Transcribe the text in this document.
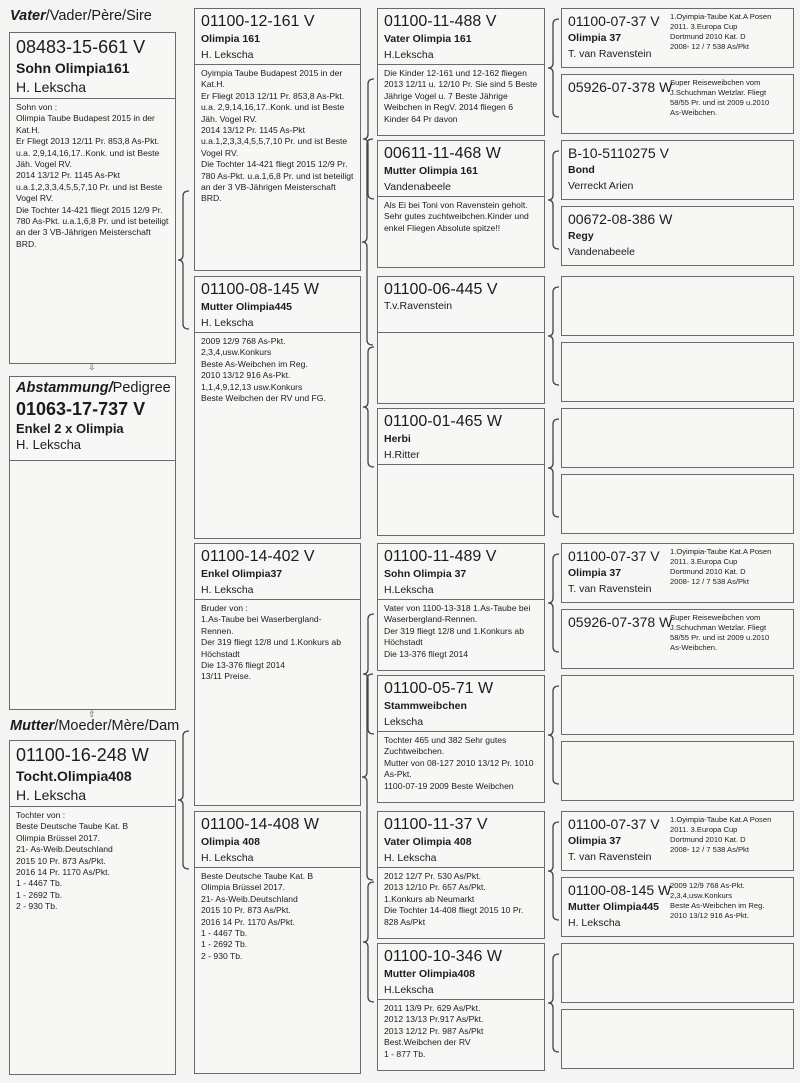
Vater/Vader/Père/Sire
08483-15-661 V
Sohn Olimpia161
H. Lekscha
Sohn von :
Olimpia Taube Budapest 2015 in der Kat.H.
Er Fliegt 2013 12/11 Pr. 853,8 As-Pkt. u.a. 2,9,14,16,17..Konk. und ist Beste Jäh. Vogel RV.
2014 13/12 Pr. 1145 As-Pkt u.a.1,2,3,3,4,5,5,7,10 Pr. und ist Beste Vogel RV.
Die Tochter 14-421 fliegt 2015 12/9 Pr. 780 As-Pkt. u.a.1,6,8 Pr. und ist beteiligt an der 3 VB-Jährigen Meisterschaft BRD.
⇩
Abstammung/Pedigree
01063-17-737 V
Enkel 2 x Olimpia
H. Lekscha
⇧
Mutter/Moeder/Mère/Dam
01100-16-248 W
Tocht.Olimpia408
H. Lekscha
Tochter von :
Beste Deutsche Taube Kat. B
Olimpia Brüssel 2017.
21- As-Weib.Deutschland
2015 10 Pr. 873 As/Pkt.
2016 14 Pr. 1170 As/Pkt.
1 - 4467 Tb.
1 - 2692 Tb.
2 - 930 Tb.
01100-12-161 V
Olimpia 161
H. Lekscha
Oyimpia Taube Budapest 2015 in der Kat.H.
Er Fliegt 2013 12/11 Pr. 853,8 As-Pkt. u.a. 2,9,14,16,17..Konk. und ist Beste Jäh. Vogel RV.
2014 13/12 Pr. 1145 As-Pkt u.a.1,2,3,3,4,5,5,7,10 Pr. und ist Beste Vogel RV.
Die Tochter 14-421 fliegt 2015 12/9 Pr. 780 As-Pkt. u.a.1,6,8 Pr. und ist beteiligt an der 3 VB-Jährigen Meisterschaft BRD.
01100-08-145 W
Mutter Olimpia445
H. Lekscha
2009 12/9 768 As-Pkt.
2,3,4,usw.Konkurs
Beste As-Weibchen im Reg.
2010 13/12 916 As-Pkt.
1,1,4,9,12,13 usw.Konkurs
Beste Weibchen der RV und FG.
01100-14-402 V
Enkel Olimpia37
H. Lekscha
Bruder von :
1.As-Taube bei Waserbergland-Rennen.
Der 319 fliegt 12/8 und 1.Konkurs ab Höchstadt
Die 13-376 fliegt 2014
13/11 Preise.
01100-14-408 W
Olimpia 408
H. Lekscha
Beste Deutsche Taube Kat. B
Olimpia Brüssel 2017.
21- As-Weib.Deutschland
2015 10 Pr. 873 As/Pkt.
2016 14 Pr. 1170 As/Pkt.
1 - 4467 Tb.
1 - 2692 Tb.
2 - 930 Tb.
01100-11-488 V
Vater Olimpia 161
H.Lekscha
Die Kinder 12-161 und 12-162 fliegen 2013 12/11 u. 12/10 Pr. Sie sind 5 Beste Jährige Vogel u. 7 Beste Jährige Weibchen in RegV. 2014 fliegen 6 Kinder 64 Pr davon
00611-11-468 W
Mutter Olimpia 161
Vandenabeele
Als Ei bei Toni von Ravenstein geholt. Sehr gutes zuchtweibchen.Kinder und enkel Fliegen Absolute spitze!!
01100-06-445 V
T.v.Ravenstein
01100-01-465 W
Herbi
H.Ritter
01100-11-489 V
Sohn Olimpia 37
H.Lekscha
Vater von 1100-13-318 1.As-Taube bei Waserbergland-Rennen.
Der 319 fliegt 12/8 und 1.Konkurs ab Höchstadt
Die 13-376 fliegt 2014
01100-05-71 W
Stammweibchen
Lekscha
Tochter 465 und 382 Sehr gutes Zuchtweibchen.
Mutter von 08-127 2010 13/12 Pr. 1010 As-Pkt.
1100-07-19 2009 Beste Weibchen
01100-11-37 V
Vater Olimpia 408
H. Lekscha
2012 12/7 Pr. 530 As/Pkt.
2013 12/10 Pr. 657 As/Pkt.
1.Konkurs ab Neumarkt
Die Tochter 14-408 fliegt 2015 10 Pr. 828 As/Pkt
01100-10-346 W
Mutter Olimpia408
H.Lekscha
2011 13/9 Pr. 629 As/Pkt.
2012 13/13 Pr.917 As/Pkt.
2013 12/12 Pr. 987 As/Pkt
Best.Weibchen der RV
1 - 877 Tb.
01100-07-37 V
Olimpia 37
T. van Ravenstein
1.Oyimpia-Taube Kat.A Posen
2011. 3.Europa Cup
Dortmund 2010 Kat. D
2008- 12 / 7 538 As/Pkt
05926-07-378 W
Super Reiseweibchen vom
J.Schuchman Wetzlar. Fliegt
58/55 Pr. und ist 2009 u.2010
As-Weibchen.
B-10-5110275 V
Bond
Verreckt Arien
00672-08-386 W
Regy
Vandenabeele
01100-07-37 V
Olimpia 37
T. van Ravenstein
1.Oyimpia-Taube Kat.A Posen
2011. 3.Europa Cup
Dortmund 2010 Kat. D
2008- 12 / 7 538 As/Pkt
05926-07-378 W
Super Reiseweibchen vom
J.Schuchman Wetzlar. Fliegt
58/55 Pr. und ist 2009 u.2010
As-Weibchen.
01100-07-37 V
Olimpia 37
T. van Ravenstein
1.Oyimpia-Taube Kat.A Posen
2011. 3.Europa Cup
Dortmund 2010 Kat. D
2008- 12 / 7 538 As/Pkt
01100-08-145 W
Mutter Olimpia445
H. Lekscha
2009 12/9 768 As-Pkt.
2,3,4,usw.Konkurs
Beste As-Weibchen im Reg.
2010 13/12 916 As-Pkt.
